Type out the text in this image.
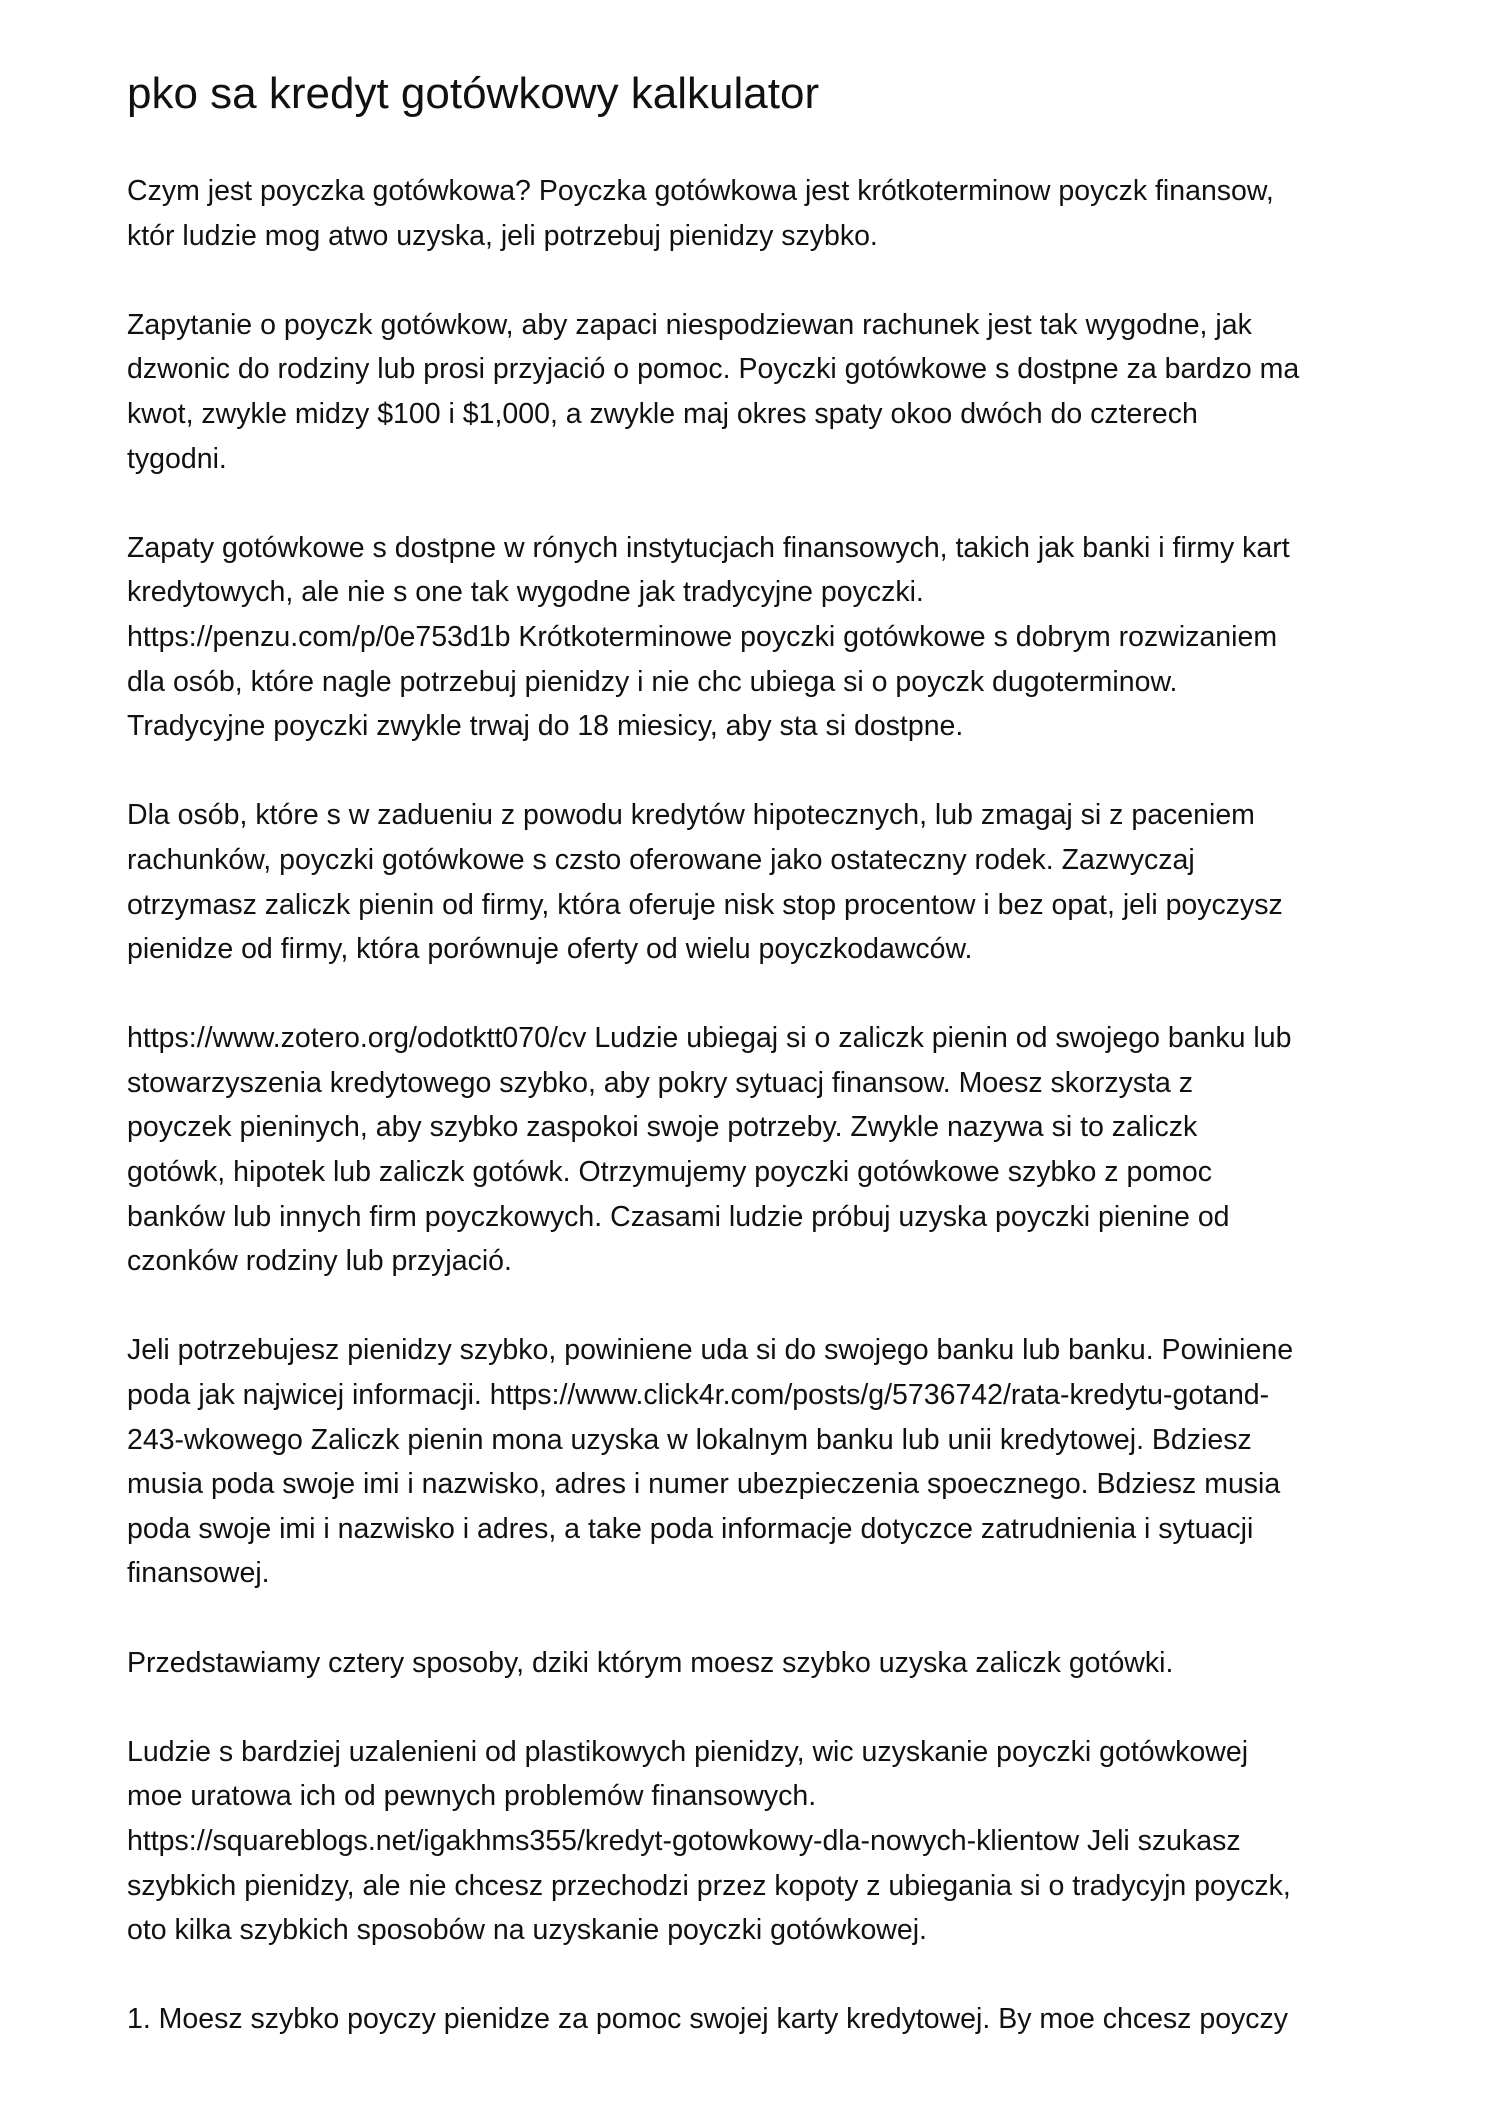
pko sa kredyt gotówkowy kalkulator

Czym jest poyczka gotówkowa? Poyczka gotówkowa jest krótkoterminow poyczk finansow,
któr ludzie mog atwo uzyska, jeli potrzebuj pienidzy szybko.

Zapytanie o poyczk gotówkow, aby zapaci niespodziewan rachunek jest tak wygodne, jak
dzwonic do rodziny lub prosi przyjació o pomoc. Poyczki gotówkowe s dostpne za bardzo ma
kwot, zwykle midzy $100 i $1,000, a zwykle maj okres spaty okoo dwóch do czterech
tygodni.

Zapaty gotówkowe s dostpne w rónych instytucjach finansowych, takich jak banki i firmy kart
kredytowych, ale nie s one tak wygodne jak tradycyjne poyczki.
https://penzu.com/p/0e753d1b Krótkoterminowe poyczki gotówkowe s dobrym rozwizaniem
dla osób, które nagle potrzebuj pienidzy i nie chc ubiega si o poyczk dugoterminow.
Tradycyjne poyczki zwykle trwaj do 18 miesicy, aby sta si dostpne.

Dla osób, które s w zadueniu z powodu kredytów hipotecznych, lub zmagaj si z paceniem
rachunków, poyczki gotówkowe s czsto oferowane jako ostateczny rodek. Zazwyczaj
otrzymasz zaliczk pienin od firmy, która oferuje nisk stop procentow i bez opat, jeli poyczysz
pienidze od firmy, która porównuje oferty od wielu poyczkodawców.

https://www.zotero.org/odotktt070/cv Ludzie ubiegaj si o zaliczk pienin od swojego banku lub
stowarzyszenia kredytowego szybko, aby pokry sytuacj finansow. Moesz skorzysta z
poyczek pieninych, aby szybko zaspokoi swoje potrzeby. Zwykle nazywa si to zaliczk
gotówk, hipotek lub zaliczk gotówk. Otrzymujemy poyczki gotówkowe szybko z pomoc
banków lub innych firm poyczkowych. Czasami ludzie próbuj uzyska poyczki pienine od
czonków rodziny lub przyjació.

Jeli potrzebujesz pienidzy szybko, powiniene uda si do swojego banku lub banku. Powiniene
poda jak najwicej informacji. https://www.click4r.com/posts/g/5736742/rata-kredytu-gotand-
243-wkowego Zaliczk pienin mona uzyska w lokalnym banku lub unii kredytowej. Bdziesz
musia poda swoje imi i nazwisko, adres i numer ubezpieczenia spoecznego. Bdziesz musia
poda swoje imi i nazwisko i adres, a take poda informacje dotyczce zatrudnienia i sytuacji
finansowej.

Przedstawiamy cztery sposoby, dziki którym moesz szybko uzyska zaliczk gotówki.

Ludzie s bardziej uzalenieni od plastikowych pienidzy, wic uzyskanie poyczki gotówkowej
moe uratowa ich od pewnych problemów finansowych.
https://squareblogs.net/igakhms355/kredyt-gotowkowy-dla-nowych-klientow Jeli szukasz
szybkich pienidzy, ale nie chcesz przechodzi przez kopoty z ubiegania si o tradycyjn poyczk,
oto kilka szybkich sposobów na uzyskanie poyczki gotówkowej.

1. Moesz szybko poyczy pienidze za pomoc swojej karty kredytowej. By moe chcesz poyczy
